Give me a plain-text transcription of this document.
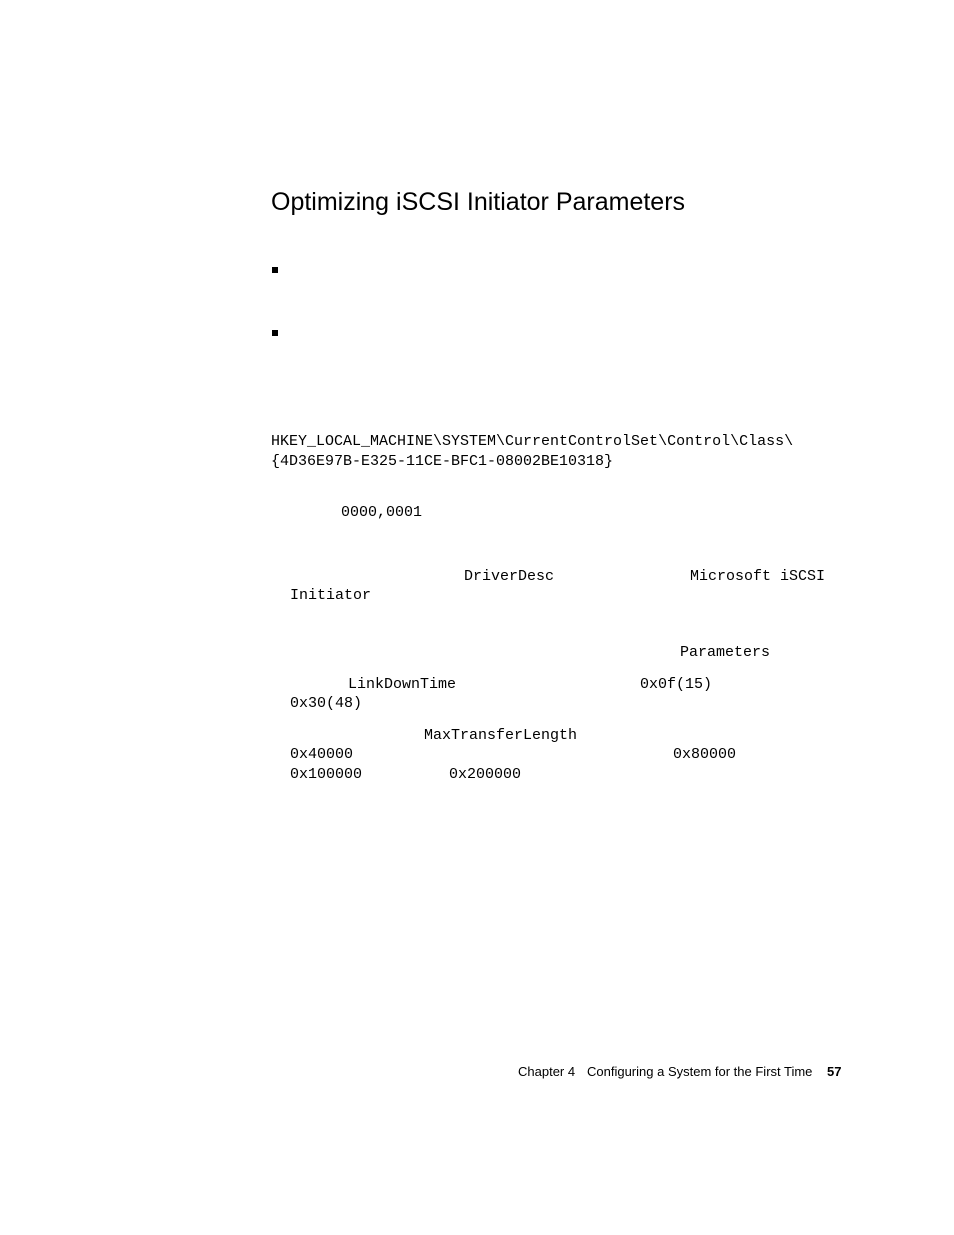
Optimizing iSCSI Initiator Parameters
HKEY_LOCAL_MACHINE\SYSTEM\CurrentControlSet\Control\Class\
{4D36E97B-E325-11CE-BFC1-08002BE10318}
0000,0001
DriverDesc	Microsoft iSCSI
Initiator
Parameters
LinkDownTime	0x0f(15)
0x30(48)
MaxTransferLength
0x40000	0x80000
0x100000	0x200000
Chapter 4 Configuring a System for the First Time 57
